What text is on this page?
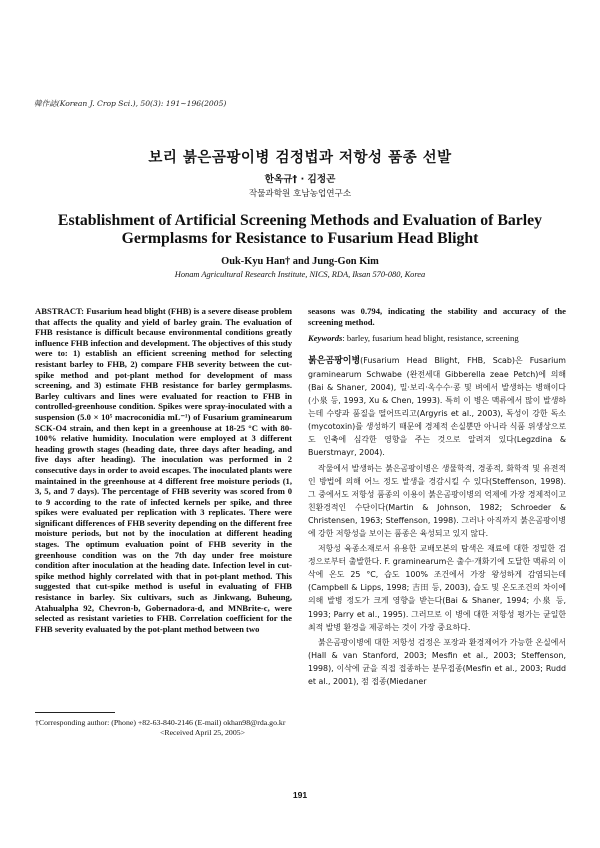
韓作誌(Korean J. Crop Sci.), 50(3): 191~196(2005)
보리 붉은곰팡이병 검정법과 저항성 품종 선발
한옥규† · 김정곤
작물과학원 호남농업연구소
Establishment of Artificial Screening Methods and Evaluation of Barley Germplasms for Resistance to Fusarium Head Blight
Ouk-Kyu Han† and Jung-Gon Kim
Honam Agricultural Research Institute, NICS, RDA, Iksan 570-080, Korea
ABSTRACT: Fusarium head blight (FHB) is a severe disease problem that affects the quality and yield of barley grain. The evaluation of FHB resistance is difficult because environmental conditions greatly influence FHB infection and development. The objectives of this study were to: 1) establish an efficient screening method for selecting resistant barley to FHB, 2) compare FHB severity between the cut-spike method and pot-plant method for development of mass screening, and 3) estimate FHB resistance for barley germplasms. Barley cultivars and lines were evaluated for reaction to FHB in controlled-greenhouse condition. Spikes were spray-inoculated with a suspension (5.0 × 10⁵ macroconidia mL⁻¹) of Fusarium graminearum SCK-O4 strain, and then kept in a greenhouse at 18-25 °C with 80-100% relative humidity. Inoculation were employed at 3 different heading growth stages (heading date, three days after heading, and five days after heading). The inoculation was performed in 2 consecutive days in order to avoid escapes. The inoculated plants were maintained in the greenhouse at 4 different free moisture periods (1, 3, 5, and 7 days). The percentage of FHB severity was scored from 0 to 9 according to the rate of infected kernels per spike, and three spikes were evaluated per replication with 3 replicates. There were significant differences of FHB severity depending on the different free moisture periods, but not by the inoculation at different heading stages. The optimum evaluation point of FHB severity in the greenhouse condition was on the 7th day under free moisture condition after inoculation at the heading date. Infection level in cut-spike method highly correlated with that in pot-plant method. This suggested that cut-spike method is useful in evaluating of FHB resistance in barley. Six cultivars, such as Jinkwang, Buheung, Atahualpha 92, Chevron-b, Gobernadora-d, and MNBrite-c, were selected as resistant varieties to FHB. Correlation coefficient for the FHB severity evaluated by the pot-plant method between two
seasons was 0.794, indicating the stability and accuracy of the screening method.
Keywords: barley, fusarium head blight, resistance, screening

붉은곰팡이병(Fusarium Head Blight, FHB, Scab)은 Fusarium graminearum Schwabe (완전세대 Gibberella zeae Petch)에 의해(Bai & Shaner, 2004), 밀·보리·옥수수·콩 및 벼에서 발생하는 병해이다(小泉 등, 1993, Xu & Chen, 1993). 특히 이 병은 맥류에서 많이 발생하는데 수량과 품질을 떨어뜨리고(Argyris et al., 2003), 독성이 강한 독소(mycotoxin)를 생성하기 때문에 경제적 손실뿐만 아니라 식품 위생상으로도 인축에 심각한 영향을 주는 것으로 알려져 있다(Legzdina & Buerstmayr, 2004).

작물에서 발생하는 붉은곰팡이병은 생물학적, 경종적, 화학적 및 유전적인 방법에 의해 어느 정도 발생을 경감시킬 수 있다(Steffenson, 1998). 그 중에서도 저항성 품종의 이용이 붉은곰팡이병의 억제에 가장 경제적이고 친환경적인 수단이다(Martin & Johnson, 1982; Schroeder & Christensen, 1963; Steffenson, 1998). 그러나 아직까지 붉은곰팡이병에 강한 저항성을 보이는 품종은 육성되고 있지 않다.

저항성 육종소재로서 유용한 교배모본의 탐색은 재료에 대한 정밀한 검정으로부터 출발한다. F. graminearum은 출수·개화기에 도달한 맥류의 이삭에 온도 25 °C, 습도 100% 조건에서 가장 왕성하게 감염되는데(Campbell & Lipps, 1998; 吉田 등, 2003), 습도 및 온도조건의 차이에 의해 발병 정도가 크게 영향을 받는다(Bai & Shaner, 1994; 小泉 등, 1993; Parry et al., 1995). 그러므로 이 병에 대한 저항성 평가는 균일한 최적 발병 환경을 제공하는 것이 가장 중요하다.

붉은곰팡이병에 대한 저항성 검정은 포장과 환경제어가 가능한 온실에서(Hall & van Stanford, 2003; Mesfin et al., 2003; Steffenson, 1998), 이삭에 균을 직접 접종하는 분무접종(Mesfin et al., 2003; Rudd et al., 2001), 점 접종(Miedaner

†Corresponding author: (Phone) +82-63-840-2146 (E-mail) okhan98@rda.go.kr
<Received April 25, 2005>
191
